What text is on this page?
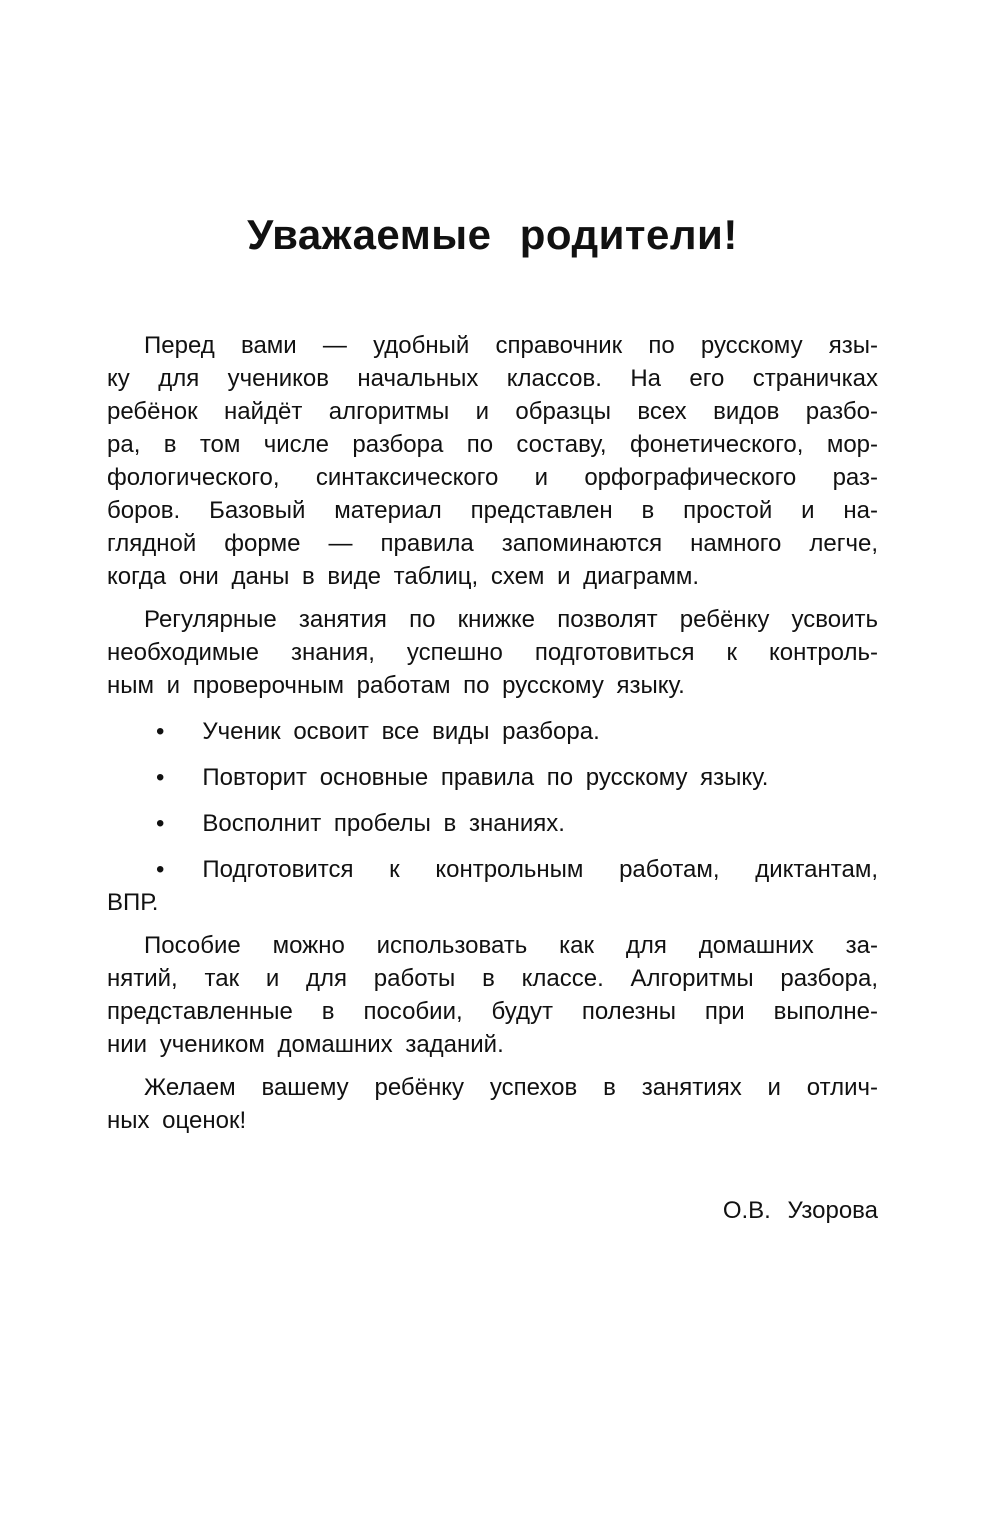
Уважаемые родители!
Перед вами — удобный справочник по русскому язы-
ку для учеников начальных классов. На его страничках
ребёнок найдёт алгоритмы и образцы всех видов разбо-
ра, в том числе разбора по составу, фонетического, мор-
фологического, синтаксического и орфографического раз-
боров. Базовый материал представлен в простой и на-
глядной форме — правила запоминаются намного легче,
когда они даны в виде таблиц, схем и диаграмм.
Регулярные занятия по книжке позволят ребёнку усвоить
необходимые знания, успешно подготовиться к контроль-
ным и проверочным работам по русскому языку.
• Ученик освоит все виды разбора.
• Повторит основные правила по русскому языку.
• Восполнит пробелы в знаниях.
• Подготовится к контрольным работам, диктантам,
ВПР.
Пособие можно использовать как для домашних за-
нятий, так и для работы в классе. Алгоритмы разбора,
представленные в пособии, будут полезны при выполне-
нии учеником домашних заданий.
Желаем вашему ребёнку успехов в занятиях и отлич-
ных оценок!
О.В. Узорова
